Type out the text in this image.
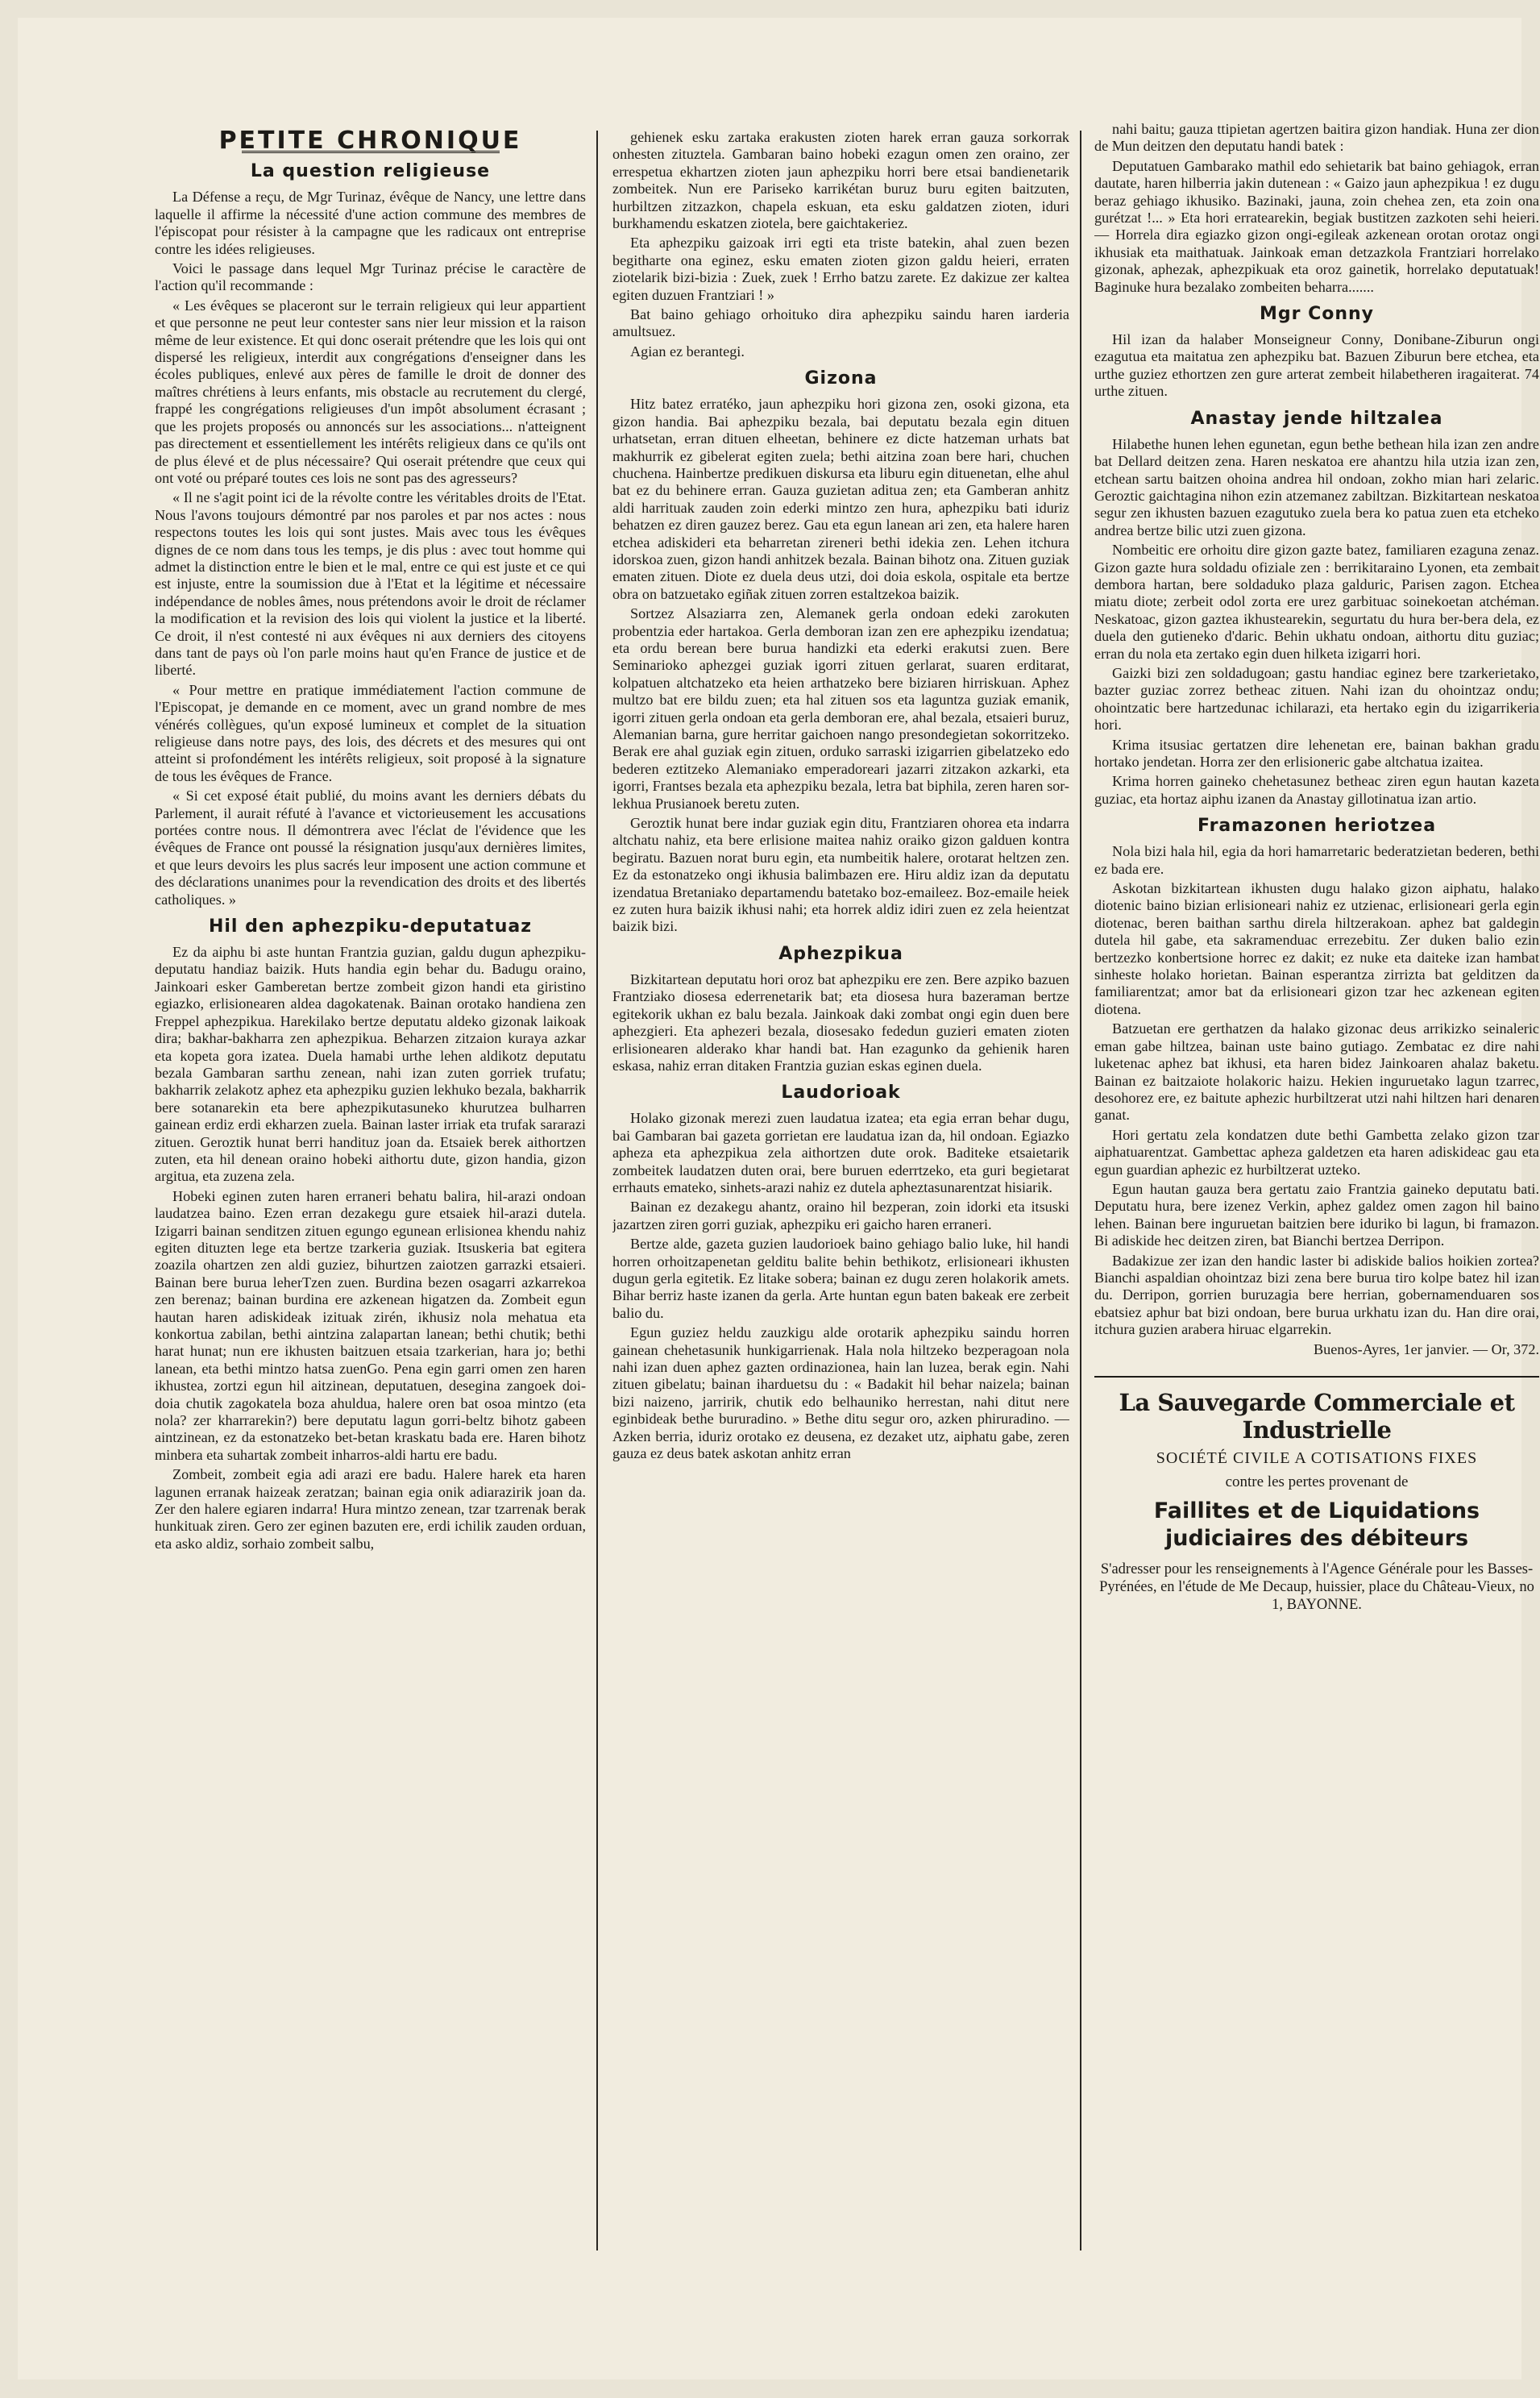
PETITE CHRONIQUE
La question religieuse

La Défense a reçu, de Mgr Turinaz, évêque de Nancy, une lettre dans laquelle il affirme la nécessité d'une action commune des membres de l'épiscopat pour résister à la campagne que les radicaux ont entreprise contre les idées religieuses.

Voici le passage dans lequel Mgr Turinaz précise le caractère de l'action qu'il recommande :

« Les évêques se placeront sur le terrain religieux qui leur appartient et que personne ne peut leur contester sans nier leur mission et la raison même de leur existence. Et qui donc oserait prétendre que les lois qui ont dispersé les religieux, interdit aux congrégations d'enseigner dans les écoles publiques, enlevé aux pères de famille le droit de donner des maîtres chrétiens à leurs enfants, mis obstacle au recrutement du clergé, frappé les congrégations religieuses d'un impôt absolument écrasant ; que les projets proposés ou annoncés sur les associations... n'atteignent pas directement et essentiellement les intérêts religieux dans ce qu'ils ont de plus élevé et de plus nécessaire? Qui oserait prétendre que ceux qui ont voté ou préparé toutes ces lois ne sont pas des agresseurs?

« Il ne s'agit point ici de la révolte contre les véritables droits de l'Etat. Nous l'avons toujours démontré par nos paroles et par nos actes : nous respectons toutes les lois qui sont justes. Mais avec tous les évêques dignes de ce nom dans tous les temps, je dis plus : avec tout homme qui admet la distinction entre le bien et le mal, entre ce qui est juste et ce qui est injuste, entre la soumission due à l'Etat et la légitime et nécessaire indépendance de nobles âmes, nous prétendons avoir le droit de réclamer la modification et la revision des lois qui violent la justice et la liberté. Ce droit, il n'est contesté ni aux évêques ni aux derniers des citoyens dans tant de pays où l'on parle moins haut qu'en France de justice et de liberté.

« Pour mettre en pratique immédiatement l'action commune de l'Episcopat, je demande en ce moment, avec un grand nombre de mes vénérés collègues, qu'un exposé lumineux et complet de la situation religieuse dans notre pays, des lois, des décrets et des mesures qui ont atteint si profondément les intérêts religieux, soit proposé à la signature de tous les évêques de France.

« Si cet exposé était publié, du moins avant les derniers débats du Parlement, il aurait réfuté à l'avance et victorieusement les accusations portées contre nous. Il démontrera avec l'éclat de l'évidence que les évêques de France ont poussé la résignation jusqu'aux dernières limites, et que leurs devoirs les plus sacrés leur imposent une action commune et des déclarations unanimes pour la revendication des droits et des libertés catholiques. »

Hil den aphezpiku-deputatuaz

Ez da aiphu bi aste huntan Frantzia guzian, galdu dugun aphezpiku-deputatu handiaz baizik. Huts handia egin behar du. Badugu oraino, Jainkoari esker Gamberetan bertze zombeit gizon handi eta giristino egiazko, erlisionearen aldea dagokatenak. Bainan orotako handiena zen Freppel aphezpikua. Harekilako bertze deputatu aldeko gizonak laikoak dira; bakhar-bakharra zen aphezpikua. Beharzen zitzaion kuraya azkar eta kopeta gora izatea. Duela hamabi urthe lehen aldikotz deputatu bezala Gambaran sarthu zenean, nahi izan zuten gorriek trufatu; bakharrik zelakotz aphez eta aphezpiku guzien lekhuko bezala, bakharrik bere sotanarekin eta bere aphezpikutasuneko khurutzea bulharren gainean erdiz erdi ekharzen zuela. Bainan laster irriak eta trufak sararazi zituen. Geroztik hunat berri handituz joan da. Etsaiek berek aithortzen zuten, eta hil denean oraino hobeki aithortu dute, gizon handia, gizon argitua, eta zuzena zela.

Hobeki eginen zuten haren erraneri behatu balira, hil-arazi ondoan laudatzea baino. Ezen erran dezakegu gure etsaiek hil-arazi dutela. Izigarri bainan senditzen zituen egungo egunean erlisionea khendu nahiz egiten dituzten lege eta bertze tzarkeria guziak. Itsuskeria bat egitera zoazila ohartzen zen aldi guziez, bihurtzen zaiotzen garrazki etsaieri. Bainan bere burua leherTzen zuen. Burdina bezen osagarri azkarrekoa zen berenaz; bainan burdina ere azkenean higatzen da. Zombeit egun hautan haren adiskideak izituak zirén, ikhusiz nola mehatua eta konkortua zabilan, bethi aintzina zalapartan lanean; bethi chutik; bethi harat hunat; nun ere ikhusten baitzuen etsaia tzarkerian, hara jo; bethi lanean, eta bethi mintzo hatsa zuenGo. Pena egin garri omen zen haren ikhustea, zortzi egun hil aitzinean, deputatuen, desegina zangoek doi-doia chutik zagokatela boza ahuldua, halere oren bat osoa mintzo (eta nola? zer kharrarekin?) bere deputatu lagun gorri-beltz bihotz gabeen aintzinean, ez da estonatzeko bet-betan kraskatu bada ere. Haren bihotz minbera eta suhartak zombeit inharros-aldi hartu ere badu.

Zombeit, zombeit egia adi arazi ere badu. Halere harek eta haren lagunen erranak haizeak zeratzan; bainan egia onik adiarazirik joan da. Zer den halere egiaren indarra! Hura mintzo zenean, tzar tzarrenak berak hunkituak ziren. Gero zer eginen bazuten ere, erdi ichilik zauden orduan, eta asko aldiz, sorhaio zombeit salbu,

gehienek esku zartaka erakusten zioten harek erran gauza sorkorrak onhesten zituztela. Gambaran baino hobeki ezagun omen zen oraino, zer errespetua ekhartzen zioten jaun aphezpiku horri bere etsai bandienetarik zombeitek. Nun ere Pariseko karrikétan buruz buru egiten baitzuten, hurbiltzen zitzazkon, chapela eskuan, eta esku galdatzen zioten, iduri burkhamendu eskatzen ziotela, bere gaichtakeriez.

Eta aphezpiku gaizoak irri egti eta triste batekin, ahal zuen bezen begitharte ona eginez, esku ematen zioten gizon galdu heieri, erraten ziotelarik bizi-bizia : Zuek, zuek ! Errho batzu zarete. Ez dakizue zer kaltea egiten duzuen Frantziari ! »

Bat baino gehiago orhoituko dira aphezpiku saindu haren iarderia amultsuez.

Agian ez berantegi.

Gizona

Hitz batez erratéko, jaun aphezpiku hori gizona zen, osoki gizona, eta gizon handia. Bai aphezpiku bezala, bai deputatu bezala egin dituen urhatsetan, erran dituen elheetan, behinere ez dicte hatzeman urhats bat makhurrik ez gibelerat egiten zuela; bethi aitzina zoan bere hari, chuchen chuchena. Hainbertze predikuen diskursa eta liburu egin dituenetan, elhe ahul bat ez du behinere erran. Gauza guzietan aditua zen; eta Gamberan anhitz aldi harrituak zauden zoin ederki mintzo zen hura, aphezpiku bati iduriz behatzen ez diren gauzez berez. Gau eta egun lanean ari zen, eta halere haren etchea adiskideri eta beharretan zireneri bethi idekia zen. Lehen itchura idorskoa zuen, gizon handi anhitzek bezala. Bainan bihotz ona. Zituen guziak ematen zituen. Diote ez duela deus utzi, doi doia eskola, ospitale eta bertze obra on batzuetako egiñak zituen zorren estaltzekoa baizik.

Sortzez Alsaziarra zen, Alemanek gerla ondoan edeki zarokuten probentzia eder hartakoa. Gerla demboran izan zen ere aphezpiku izendatua; eta ordu berean bere burua handizki eta ederki erakutsi zuen. Bere Seminarioko aphezgei guziak igorri zituen gerlarat, suaren erditarat, kolpatuen altchatzeko eta heien arthatzeko bere biziaren hirriskuan. Aphez multzo bat ere bildu zuen; eta hal zituen sos eta laguntza guziak emanik, igorri zituen gerla ondoan eta gerla demboran ere, ahal bezala, etsaieri buruz, Alemanian barna, gure herritar gaichoen nango presondegietan sokorritzeko. Berak ere ahal guziak egin zituen, orduko sarraski izigarrien gibelatzeko edo bederen eztitzeko Alemaniako emperadoreari jazarri zitzakon azkarki, eta igorri, Frantses bezala eta aphezpiku bezala, letra bat biphila, zeren haren sor-lekhua Prusianoek beretu zuten.

Geroztik hunat bere indar guziak egin ditu, Frantziaren ohorea eta indarra altchatu nahiz, eta bere erlisione maitea nahiz oraiko gizon galduen kontra begiratu. Bazuen norat buru egin, eta numbeitik halere, orotarat heltzen zen. Ez da estonatzeko ongi ikhusia balimbazen ere. Hiru aldiz izan da deputatu izendatua Bretaniako departamendu batetako boz-emaileez. Boz-emaile heiek ez zuten hura baizik ikhusi nahi; eta horrek aldiz idiri zuen ez zela heientzat baizik bizi.

Aphezpikua

Bizkitartean deputatu hori oroz bat aphezpiku ere zen. Bere azpiko bazuen Frantziako diosesa ederrenetarik bat; eta diosesa hura bazeraman bertze egitekorik ukhan ez balu bezala. Jainkoak daki zombat ongi egin duen bere aphezgieri. Eta aphezeri bezala, diosesako fededun guzieri ematen zioten erlisionearen alderako khar handi bat. Han ezagunko da gehienik haren eskasa, nahiz erran ditaken Frantzia guzian eskas eginen duela.

Laudorioak

Holako gizonak merezi zuen laudatua izatea; eta egia erran behar dugu, bai Gambaran bai gazeta gorrietan ere laudatua izan da, hil ondoan. Egiazko apheza eta aphezpikua zela aithortzen dute orok. Baditeke etsaietarik zombeitek laudatzen duten orai, bere buruen ederrtzeko, eta guri begietarat errhauts emateko, sinhets-arazi nahiz ez dutela apheztasunarentzat hisiarik.

Bainan ez dezakegu ahantz, oraino hil bezperan, zoin idorki eta itsuski jazartzen ziren gorri guziak, aphezpiku eri gaicho haren erraneri.

Bertze alde, gazeta guzien laudorioek baino gehiago balio luke, hil handi horren orhoitzapenetan gelditu balite behin bethikotz, erlisioneari ikhusten dugun gerla egitetik. Ez litake sobera; bainan ez dugu zeren holakorik amets. Bihar berriz haste izanen da gerla. Arte huntan egun baten bakeak ere zerbeit balio du.

Egun guziez heldu zauzkigu alde orotarik aphezpiku saindu horren gainean chehetasunik hunkigarrienak. Hala nola hiltzeko bezperagoan nola nahi izan duen aphez gazten ordinazionea, hain lan luzea, berak egin. Nahi zituen gibelatu; bainan iharduetsu du : « Badakit hil behar naizela; bainan bizi naizeno, jarririk, chutik edo belhauniko herrestan, nahi ditut nere eginbideak bethe bururadino. » Bethe ditu segur oro, azken phiruradino. — Azken berria, iduriz orotako ez deusena, ez dezaket utz, aiphatu gabe, zeren gauza ez deus batek askotan anhitz erran

nahi baitu; gauza ttipietan agertzen baitira gizon handiak. Huna zer dion de Mun deitzen den deputatu handi batek :

Deputatuen Gambarako mathil edo sehietarik bat baino gehiagok, erran dautate, haren hilberria jakin dutenean : « Gaizo jaun aphezpikua ! ez dugu beraz gehiago ikhusiko. Bazinaki, jauna, zoin chehea zen, eta zoin ona gurétzat !... » Eta hori erratearekin, begiak bustitzen zazkoten sehi heieri. — Horrela dira egiazko gizon ongi-egileak azkenean orotan orotaz ongi ikhusiak eta maithatuak. Jainkoak eman detzazkola Frantziari horrelako gizonak, aphezak, aphezpikuak eta oroz gainetik, horrelako deputatuak! Baginuke hura bezalako zombeiten beharra.......

Mgr Conny

Hil izan da halaber Monseigneur Conny, Donibane-Ziburun ongi ezagutua eta maitatua zen aphezpiku bat. Bazuen Ziburun bere etchea, eta urthe guziez ethortzen zen gure arterat zembeit hilabetheren iragaiterat. 74 urthe zituen.

Anastay jende hiltzalea

Hilabethe hunen lehen egunetan, egun bethe bethean hila izan zen andre bat Dellard deitzen zena. Haren neskatoa ere ahantzu hila utzia izan zen, etchean sartu baitzen ohoina andrea hil ondoan, zokho mian hari zelaric. Geroztic gaichtagina nihon ezin atzemanez zabiltzan. Bizkitartean neskatoa segur zen ikhusten bazuen ezagutuko zuela bera ko patua zuen eta etcheko andrea bertze bilic utzi zuen gizona.

Nombeitic ere orhoitu dire gizon gazte batez, familiaren ezaguna zenaz. Gizon gazte hura soldadu ofiziale zen : berrikitaraino Lyonen, eta zembait dembora hartan, bere soldaduko plaza galduric, Parisen zagon. Etchea miatu diote; zerbeit odol zorta ere urez garbituac soinekoetan atchéman. Neskatoac, gizon gaztea ikhustearekin, segurtatu du hura ber-bera dela, ez duela den gutieneko d'daric. Behin ukhatu ondoan, aithortu ditu guziac; erran du nola eta zertako egin duen hilketa izigarri hori.

Gaizki bizi zen soldadugoan; gastu handiac eginez bere tzarkerietako, bazter guziac zorrez betheac zituen. Nahi izan du ohointzaz ondu; ohointzatic bere hartzedunac ichilarazi, eta hertako egin du izigarrikeria hori.

Krima itsusiac gertatzen dire lehenetan ere, bainan bakhan gradu hortako jendetan. Horra zer den erlisioneric gabe altchatua izaitea.

Krima horren gaineko chehetasunez betheac ziren egun hautan kazeta guziac, eta hortaz aiphu izanen da Anastay gillotinatua izan artio.

Framazonen heriotzea

Nola bizi hala hil, egia da hori hamarretaric bederatzietan bederen, bethi ez bada ere.

Askotan bizkitartean ikhusten dugu halako gizon aiphatu, halako diotenic baino bizian erlisioneari nahiz ez utzienac, erlisioneari gerla egin diotenac, beren baithan sarthu direla hiltzerakoan. aphez bat galdegin dutela hil gabe, eta sakramenduac errezebitu. Zer duken balio ezin bertzezko konbertsione horrec ez dakit; ez nuke eta daiteke izan hambat sinheste holako horietan. Bainan esperantza zirrizta bat gelditzen da familiarentzat; amor bat da erlisioneari gizon tzar hec azkenean egiten diotena.

Batzuetan ere gerthatzen da halako gizonac deus arrikizko seinaleric eman gabe hiltzea, bainan uste baino gutiago. Zembatac ez dire nahi luketenac aphez bat ikhusi, eta haren bidez Jainkoaren ahalaz baketu. Bainan ez baitzaiote holakoric haizu. Hekien inguruetako lagun tzarrec, desohorez ere, ez baitute aphezic hurbiltzerat utzi nahi hiltzen hari denaren ganat.

Hori gertatu zela kondatzen dute bethi Gambetta zelako gizon tzar aiphatuarentzat. Gambettac apheza galdetzen eta haren adiskideac gau eta egun guardian aphezic ez hurbiltzerat uzteko.

Egun hautan gauza bera gertatu zaio Frantzia gaineko deputatu bati. Deputatu hura, bere izenez Verkin, aphez galdez omen zagon hil baino lehen. Bainan bere inguruetan baitzien bere iduriko bi lagun, bi framazon. Bi adiskide hec deitzen ziren, bat Bianchi bertzea Derripon.

Badakizue zer izan den handic laster bi adiskide balios hoikien zortea? Bianchi aspaldian ohointzaz bizi zena bere burua tiro kolpe batez hil izan du. Derripon, gorrien buruzagia bere herrian, gobernamenduaren sos ebatsiez aphur bat bizi ondoan, bere burua urkhatu izan du. Han dire orai, itchura guzien arabera hiruac elgarrekin.

Buenos-Ayres, 1er janvier. — Or, 372.

La Sauvegarde Commerciale et Industrielle
SOCIÉTÉ CIVILE A COTISATIONS FIXES
contre les pertes provenant de
Faillites et de Liquidations judiciaires des débiteurs
S'adresser pour les renseignements à l'Agence Générale pour les Basses-Pyrénées, en l'étude de Me Decaup, huissier, place du Château-Vieux, no 1, BAYONNE.
